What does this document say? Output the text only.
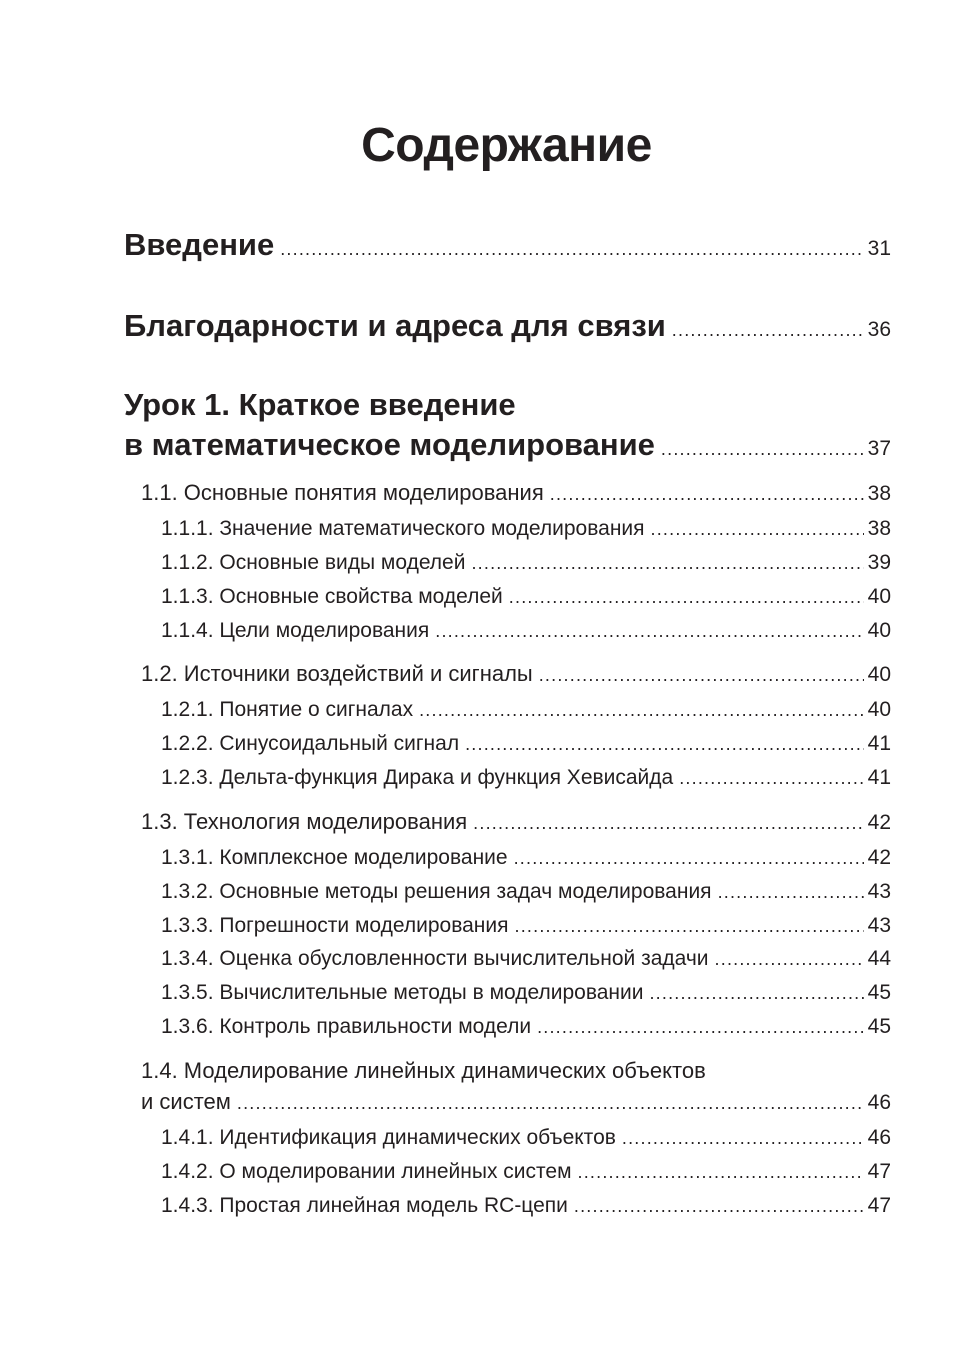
Содержание
Введение . . .	31
Благодарности и адреса для связи . . .	36
Урок 1. Краткое введение
в математическое моделирование . . .	37
1.1. Основные понятия моделирования . . .	38
1.1.1. Значение математического моделирования . . .	38
1.1.2. Основные виды моделей . . .	39
1.1.3. Основные свойства моделей . . .	40
1.1.4. Цели моделирования . . .	40
1.2. Источники воздействий и сигналы . . .	40
1.2.1. Понятие о сигналах . . .	40
1.2.2. Синусоидальный сигнал . . .	41
1.2.3. Дельта-функция Дирака и функция Хевисайда . . .	41
1.3. Технология моделирования . . .	42
1.3.1. Комплексное моделирование . . .	42
1.3.2. Основные методы решения задач моделирования . . .	43
1.3.3. Погрешности моделирования . . .	43
1.3.4. Оценка обусловленности вычислительной задачи . . .	44
1.3.5. Вычислительные методы в моделировании . . .	45
1.3.6. Контроль правильности модели . . .	45
1.4. Моделирование линейных динамических объектов
и систем . . .	46
1.4.1. Идентификация динамических объектов . . .	46
1.4.2. О моделировании линейных систем . . .	47
1.4.3. Простая линейная модель RC-цепи . . .	47
